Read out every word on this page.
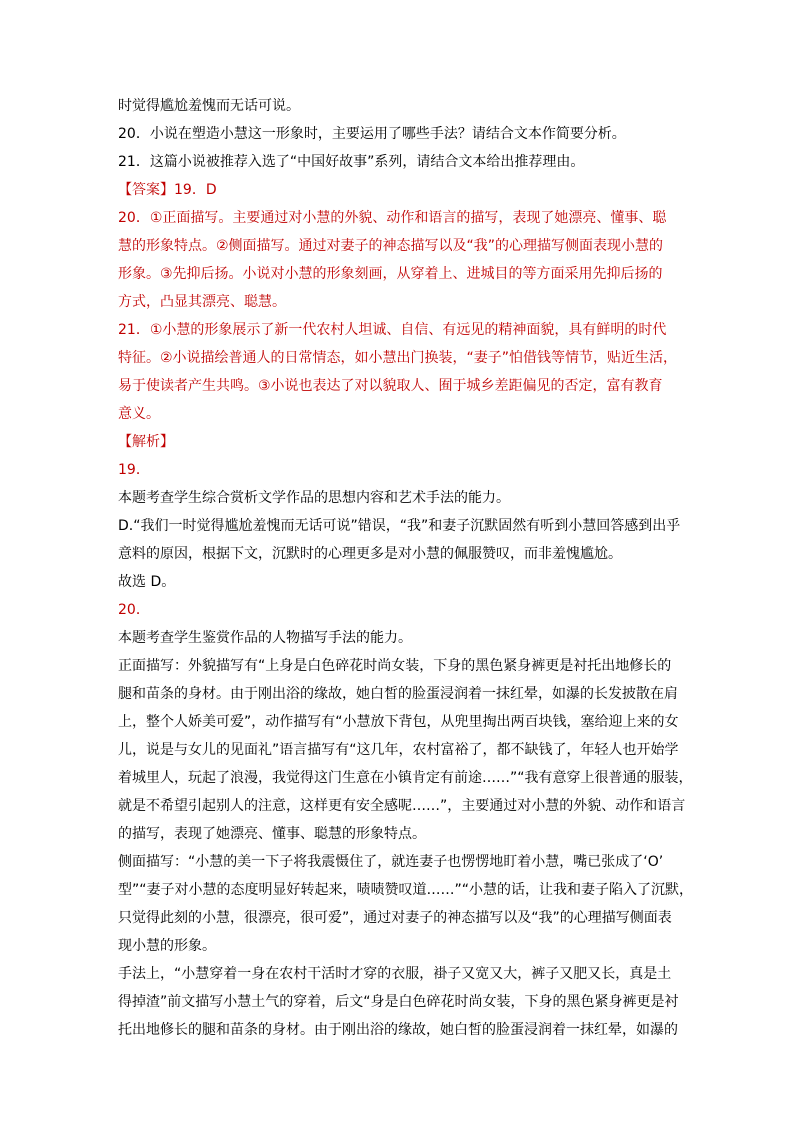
时觉得尴尬羞愧而无话可说。
20．小说在塑造小慧这一形象时，主要运用了哪些手法？请结合文本作简要分析。
21．这篇小说被推荐入选了“中国好故事”系列，请结合文本给出推荐理由。
【答案】19．D
20．①正面描写。主要通过对小慧的外貌、动作和语言的描写，表现了她漂亮、懂事、聪
慧的形象特点。②侧面描写。通过对妻子的神态描写以及“我”的心理描写侧面表现小慧的
形象。③先抑后扬。小说对小慧的形象刻画，从穿着上、进城目的等方面采用先抑后扬的
方式，凸显其漂亮、聪慧。
21．①小慧的形象展示了新一代农村人坦诚、自信、有远见的精神面貌，具有鲜明的时代
特征。②小说描绘普通人的日常情态，如小慧出门换装，“妻子”怕借钱等情节，贴近生活，
易于使读者产生共鸣。③小说也表达了对以貌取人、囿于城乡差距偏见的否定，富有教育
意义。
【解析】
19．
本题考查学生综合赏析文学作品的思想内容和艺术手法的能力。
D.“我们一时觉得尴尬羞愧而无话可说”错误，“我”和妻子沉默固然有听到小慧回答感到出乎
意料的原因，根据下文，沉默时的心理更多是对小慧的佩服赞叹，而非羞愧尴尬。
故选 D。
20．
本题考查学生鉴赏作品的人物描写手法的能力。
正面描写：外貌描写有“上身是白色碎花时尚女装，下身的黑色紧身裤更是衬托出地修长的
腿和苗条的身材。由于刚出浴的缘故，她白皙的脸蛋浸润着一抹红晕，如瀑的长发披散在肩
上，整个人娇美可爱”，动作描写有“小慧放下背包，从兜里掏出两百块钱，塞给迎上来的女
儿，说是与女儿的见面礼”语言描写有“这几年，农村富裕了，都不缺钱了，年轻人也开始学
着城里人，玩起了浪漫，我觉得这门生意在小镇肯定有前途……”“我有意穿上很普通的服装，
就是不希望引起别人的注意，这样更有安全感呢……”，主要通过对小慧的外貌、动作和语言
的描写，表现了她漂亮、懂事、聪慧的形象特点。
侧面描写：“小慧的美一下子将我震慑住了，就连妻子也愣愣地盯着小慧，嘴已张成了‘O’
型”“妻子对小慧的态度明显好转起来，啧啧赞叹道……”“小慧的话，让我和妻子陷入了沉默，
只觉得此刻的小慧，很漂亮，很可爱”，通过对妻子的神态描写以及“我”的心理描写侧面表
现小慧的形象。
手法上，“小慧穿着一身在农村干活时才穿的衣服，褂子又宽又大，裤子又肥又长，真是土
得掉渣”前文描写小慧土气的穿着，后文“身是白色碎花时尚女装，下身的黑色紧身裤更是衬
托出地修长的腿和苗条的身材。由于刚出浴的缘故，她白皙的脸蛋浸润着一抹红晕，如瀑的
